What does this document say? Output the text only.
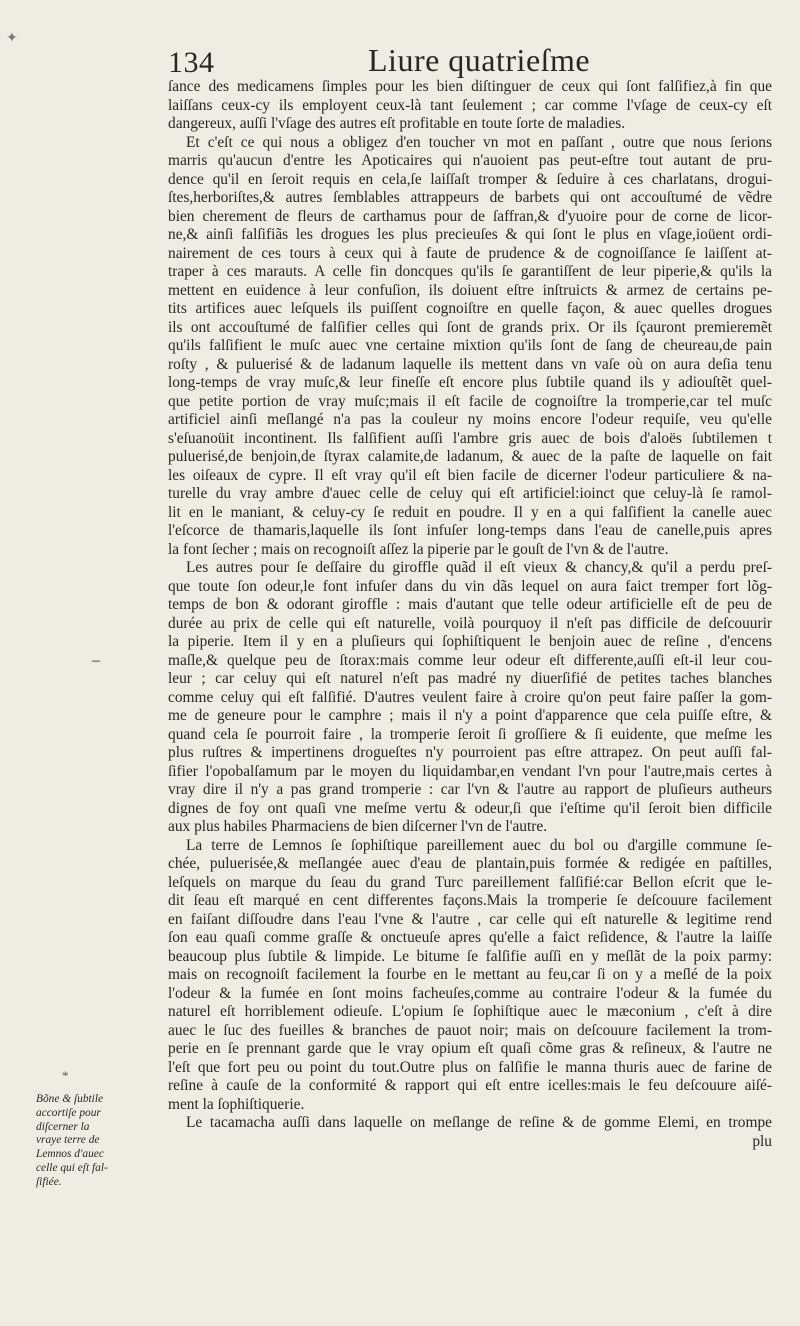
✦
134	Liure quatrieſme
–
*
Bõne & ſubtile
accortiſe pour
diſcerner la
vraye terre de
Lemnos d'auec
celle qui eſt fal-
ſifiée.
ſance des medicamens ſimples pour les bien diſtinguer de ceux qui ſont falſifiez,à fin que
laiſſans ceux-cy ils employent ceux-là tant ſeulement ; car comme l'vſage de ceux-cy eſt
dangereux, auſſi l'vſage des autres eſt profitable en toute ſorte de maladies.
Et c'eſt ce qui nous a obligez d'en toucher vn mot en paſſant , outre que nous ſerions
marris qu'aucun d'entre les Apoticaires qui n'auoient pas peut-eſtre tout autant de pru-
dence qu'il en ſeroit requis en cela,ſe laiſſaſt tromper & ſeduire à ces charlatans, drogui-
ſtes,herboriſtes,& autres ſemblables attrappeurs de barbets qui ont accouſtumé de vẽdre
bien cherement de fleurs de carthamus pour de ſaffran,& d'yuoire pour de corne de licor-
ne,& ainſi falſifiãs les drogues les plus precieuſes & qui ſont le plus en vſage,ioüent ordi-
nairement de ces tours à ceux qui à faute de prudence & de cognoiſſance ſe laiſſent at-
traper à ces marauts. A celle fin doncques qu'ils ſe garantiſſent de leur piperie,& qu'ils la
mettent en euidence à leur confuſion, ils doiuent eſtre inſtruicts & armez de certains pe-
tits artifices auec leſquels ils puiſſent cognoiſtre en quelle façon, & auec quelles drogues
ils ont accouſtumé de falſifier celles qui ſont de grands prix. Or ils ſçauront premieremẽt
qu'ils falſifient le muſc auec vne certaine mixtion qu'ils ſont de ſang de cheureau,de pain
roſty , & puluerisé & de ladanum laquelle ils mettent dans vn vaſe où on aura deſia tenu
long-temps de vray muſc,& leur fineſſe eſt encore plus ſubtile quand ils y adiouſtẽt quel-
que petite portion de vray muſc;mais il eſt facile de cognoiſtre la tromperie,car tel muſc
artificiel ainſi meſlangé n'a pas la couleur ny moins encore l'odeur requiſe, veu qu'elle
s'eſuanoüit incontinent. Ils falſifient auſſi l'ambre gris auec de bois d'aloës ſubtilemen t
puluerisé,de benjoin,de ſtyrax calamite,de ladanum, & auec de la paſte de laquelle on fait
les oiſeaux de cypre. Il eſt vray qu'il eſt bien facile de dicerner l'odeur particuliere & na-
turelle du vray ambre d'auec celle de celuy qui eſt artificiel:ioinct que celuy-là ſe ramol-
lit en le maniant, & celuy-cy ſe reduit en poudre. Il y en a qui falſifient la canelle auec
l'eſcorce de thamaris,laquelle ils ſont infuſer long-temps dans l'eau de canelle,puis apres
la font ſecher ; mais on recognoiſt aſſez la piperie par le gouſt de l'vn & de l'autre.
Les autres pour ſe deſſaire du giroffle quãd il eſt vieux & chancy,& qu'il a perdu preſ-
que toute ſon odeur,le font infuſer dans du vin dãs lequel on aura faict tremper fort lõg-
temps de bon & odorant giroffle : mais d'autant que telle odeur artificielle eſt de peu de
durée au prix de celle qui eſt naturelle, voilà pourquoy il n'eſt pas difficile de deſcouurir
la piperie. Item il y en a pluſieurs qui ſophiſtiquent le benjoin auec de reſine , d'encens
maſle,& quelque peu de ſtorax:mais comme leur odeur eſt differente,auſſi eſt-il leur cou-
leur ; car celuy qui eſt naturel n'eſt pas madré ny diuerſifié de petites taches blanches
comme celuy qui eſt falſifié. D'autres veulent faire à croire qu'on peut faire paſſer la gom-
me de geneure pour le camphre ; mais il n'y a point d'apparence que cela puiſſe eſtre, &
quand cela ſe pourroit faire , la tromperie ſeroit ſi groſſiere & ſi euidente, que meſme les
plus ruſtres & impertinens drogueſtes n'y pourroient pas eſtre attrapez. On peut auſſi fal-
ſifier l'opobalſamum par le moyen du liquidambar,en vendant l'vn pour l'autre,mais certes à
vray dire il n'y a pas grand tromperie : car l'vn & l'autre au rapport de pluſieurs autheurs
dignes de foy ont quaſi vne meſme vertu & odeur,ſi que i'eſtime qu'il ſeroit bien difficile
aux plus habiles Pharmaciens de bien diſcerner l'vn de l'autre.
La terre de Lemnos ſe ſophiſtique pareillement auec du bol ou d'argille commune ſe-
chée, puluerisée,& meſlangée auec d'eau de plantain,puis formée & redigée en paſtilles,
leſquels on marque du ſeau du grand Turc pareillement falſifié:car Bellon eſcrit que le-
dit ſeau eſt marqué en cent differentes façons.Mais la tromperie ſe deſcouure facilement
en faiſant diſſoudre dans l'eau l'vne & l'autre , car celle qui eſt naturelle & legitime rend
ſon eau quaſi comme graſſe & onctueuſe apres qu'elle a faict reſidence, & l'autre la laiſſe
beaucoup plus ſubtile & limpide. Le bitume ſe falſifie auſſi en y meſlãt de la poix parmy:
mais on recognoiſt facilement la fourbe en le mettant au feu,car ſi on y a meſlé de la poix
l'odeur & la fumée en ſont moins facheuſes,comme au contraire l'odeur & la fumée du
naturel eſt horriblement odieuſe. L'opium ſe ſophiſtique auec le mæconium , c'eſt à dire
auec le ſuc des fueilles & branches de pauot noir; mais on deſcouure facilement la trom-
perie en ſe prennant garde que le vray opium eſt quaſi cõme gras & reſineux, & l'autre ne
l'eſt que fort peu ou point du tout.Outre plus on falſifie le manna thuris auec de farine de
reſine à cauſe de la conformité & rapport qui eſt entre icelles:mais le feu deſcouure aiſé-
ment la ſophiſtiquerie.
Le tacamacha auſſi dans laquelle on meſlange de reſine & de gomme Elemi, en trompe
plu
